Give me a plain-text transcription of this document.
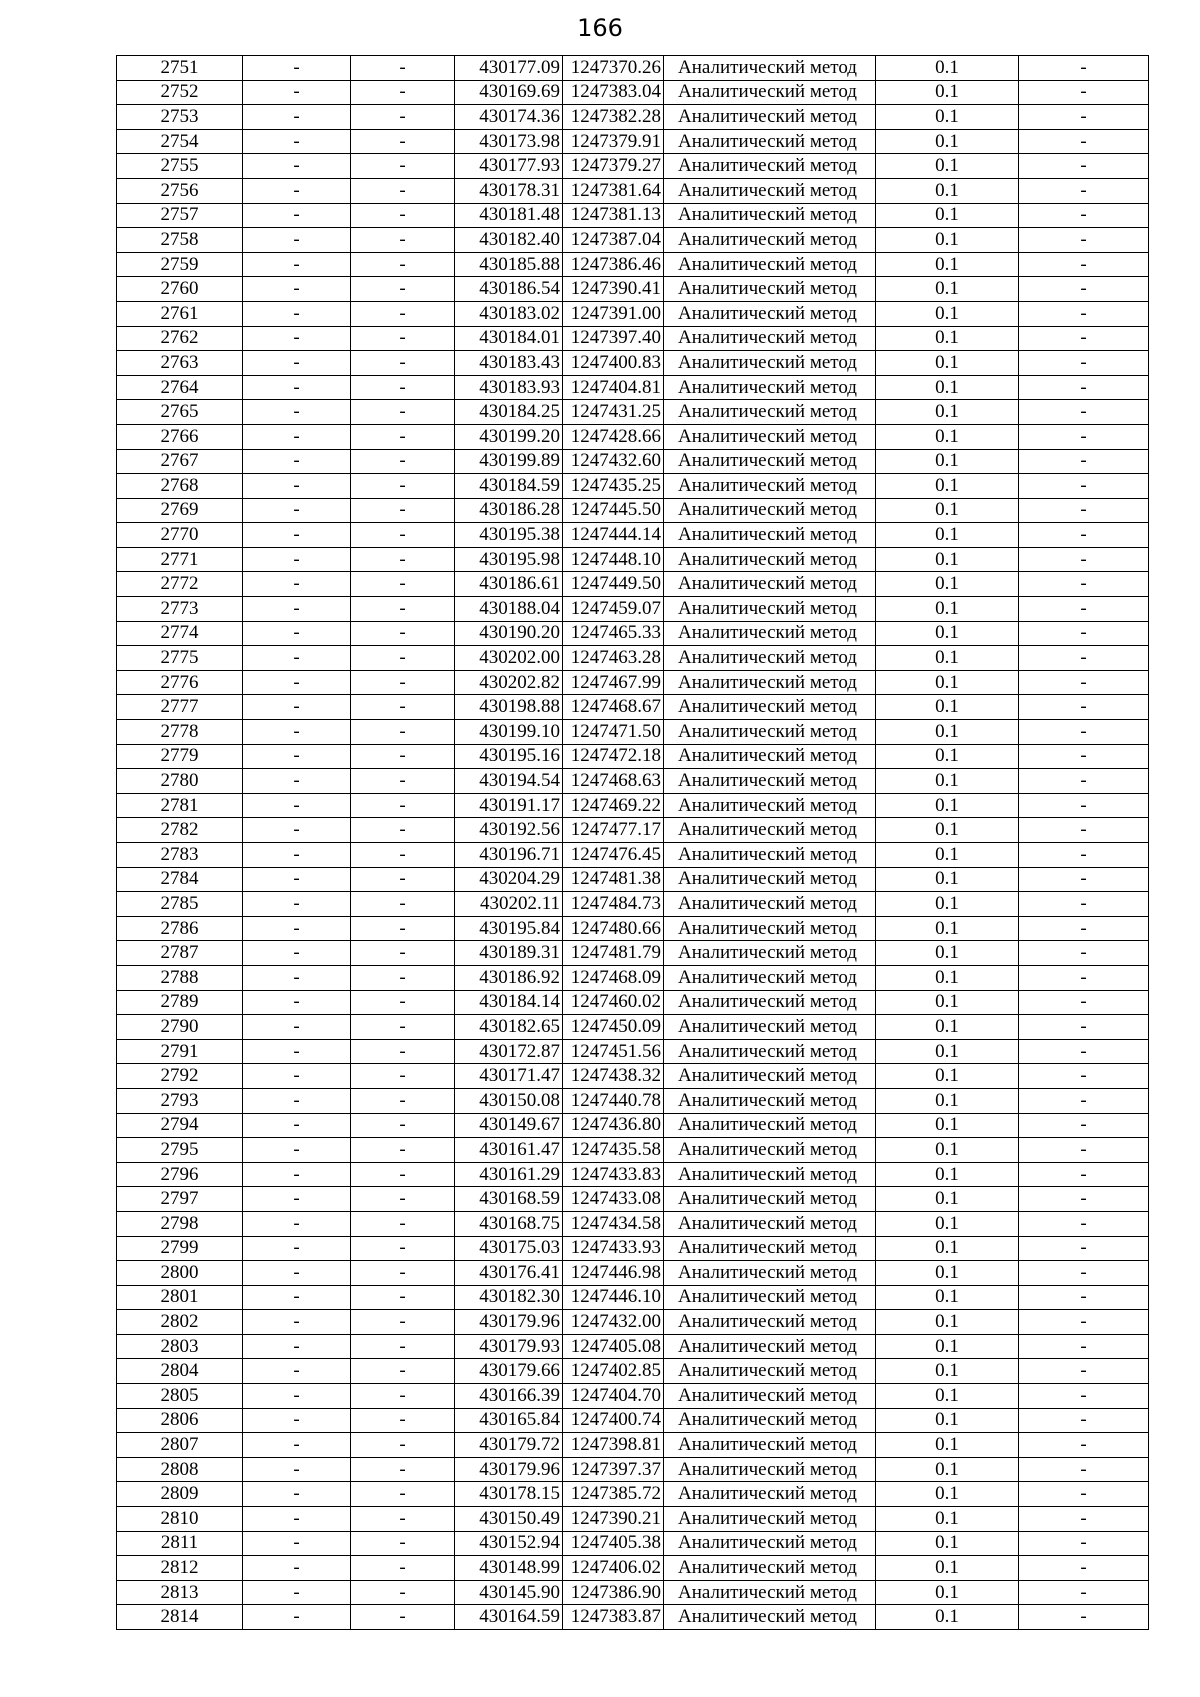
166
2751	-	-	430177.09	1247370.26	Аналитический метод	0.1	-
2752	-	-	430169.69	1247383.04	Аналитический метод	0.1	-
2753	-	-	430174.36	1247382.28	Аналитический метод	0.1	-
2754	-	-	430173.98	1247379.91	Аналитический метод	0.1	-
2755	-	-	430177.93	1247379.27	Аналитический метод	0.1	-
2756	-	-	430178.31	1247381.64	Аналитический метод	0.1	-
2757	-	-	430181.48	1247381.13	Аналитический метод	0.1	-
2758	-	-	430182.40	1247387.04	Аналитический метод	0.1	-
2759	-	-	430185.88	1247386.46	Аналитический метод	0.1	-
2760	-	-	430186.54	1247390.41	Аналитический метод	0.1	-
2761	-	-	430183.02	1247391.00	Аналитический метод	0.1	-
2762	-	-	430184.01	1247397.40	Аналитический метод	0.1	-
2763	-	-	430183.43	1247400.83	Аналитический метод	0.1	-
2764	-	-	430183.93	1247404.81	Аналитический метод	0.1	-
2765	-	-	430184.25	1247431.25	Аналитический метод	0.1	-
2766	-	-	430199.20	1247428.66	Аналитический метод	0.1	-
2767	-	-	430199.89	1247432.60	Аналитический метод	0.1	-
2768	-	-	430184.59	1247435.25	Аналитический метод	0.1	-
2769	-	-	430186.28	1247445.50	Аналитический метод	0.1	-
2770	-	-	430195.38	1247444.14	Аналитический метод	0.1	-
2771	-	-	430195.98	1247448.10	Аналитический метод	0.1	-
2772	-	-	430186.61	1247449.50	Аналитический метод	0.1	-
2773	-	-	430188.04	1247459.07	Аналитический метод	0.1	-
2774	-	-	430190.20	1247465.33	Аналитический метод	0.1	-
2775	-	-	430202.00	1247463.28	Аналитический метод	0.1	-
2776	-	-	430202.82	1247467.99	Аналитический метод	0.1	-
2777	-	-	430198.88	1247468.67	Аналитический метод	0.1	-
2778	-	-	430199.10	1247471.50	Аналитический метод	0.1	-
2779	-	-	430195.16	1247472.18	Аналитический метод	0.1	-
2780	-	-	430194.54	1247468.63	Аналитический метод	0.1	-
2781	-	-	430191.17	1247469.22	Аналитический метод	0.1	-
2782	-	-	430192.56	1247477.17	Аналитический метод	0.1	-
2783	-	-	430196.71	1247476.45	Аналитический метод	0.1	-
2784	-	-	430204.29	1247481.38	Аналитический метод	0.1	-
2785	-	-	430202.11	1247484.73	Аналитический метод	0.1	-
2786	-	-	430195.84	1247480.66	Аналитический метод	0.1	-
2787	-	-	430189.31	1247481.79	Аналитический метод	0.1	-
2788	-	-	430186.92	1247468.09	Аналитический метод	0.1	-
2789	-	-	430184.14	1247460.02	Аналитический метод	0.1	-
2790	-	-	430182.65	1247450.09	Аналитический метод	0.1	-
2791	-	-	430172.87	1247451.56	Аналитический метод	0.1	-
2792	-	-	430171.47	1247438.32	Аналитический метод	0.1	-
2793	-	-	430150.08	1247440.78	Аналитический метод	0.1	-
2794	-	-	430149.67	1247436.80	Аналитический метод	0.1	-
2795	-	-	430161.47	1247435.58	Аналитический метод	0.1	-
2796	-	-	430161.29	1247433.83	Аналитический метод	0.1	-
2797	-	-	430168.59	1247433.08	Аналитический метод	0.1	-
2798	-	-	430168.75	1247434.58	Аналитический метод	0.1	-
2799	-	-	430175.03	1247433.93	Аналитический метод	0.1	-
2800	-	-	430176.41	1247446.98	Аналитический метод	0.1	-
2801	-	-	430182.30	1247446.10	Аналитический метод	0.1	-
2802	-	-	430179.96	1247432.00	Аналитический метод	0.1	-
2803	-	-	430179.93	1247405.08	Аналитический метод	0.1	-
2804	-	-	430179.66	1247402.85	Аналитический метод	0.1	-
2805	-	-	430166.39	1247404.70	Аналитический метод	0.1	-
2806	-	-	430165.84	1247400.74	Аналитический метод	0.1	-
2807	-	-	430179.72	1247398.81	Аналитический метод	0.1	-
2808	-	-	430179.96	1247397.37	Аналитический метод	0.1	-
2809	-	-	430178.15	1247385.72	Аналитический метод	0.1	-
2810	-	-	430150.49	1247390.21	Аналитический метод	0.1	-
2811	-	-	430152.94	1247405.38	Аналитический метод	0.1	-
2812	-	-	430148.99	1247406.02	Аналитический метод	0.1	-
2813	-	-	430145.90	1247386.90	Аналитический метод	0.1	-
2814	-	-	430164.59	1247383.87	Аналитический метод	0.1	-
